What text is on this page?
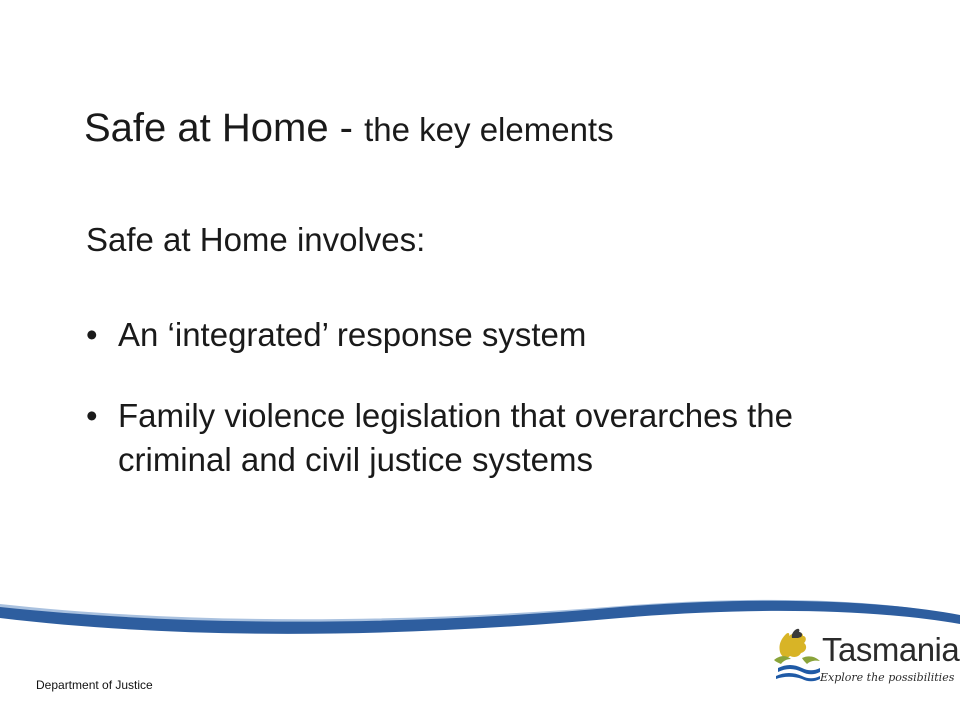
Safe at Home - the key elements
Safe at Home involves:
• An ‘integrated’ response system
• Family violence legislation that overarches the criminal and civil justice systems
Department of Justice
Tasmania
Explore the possibilities
